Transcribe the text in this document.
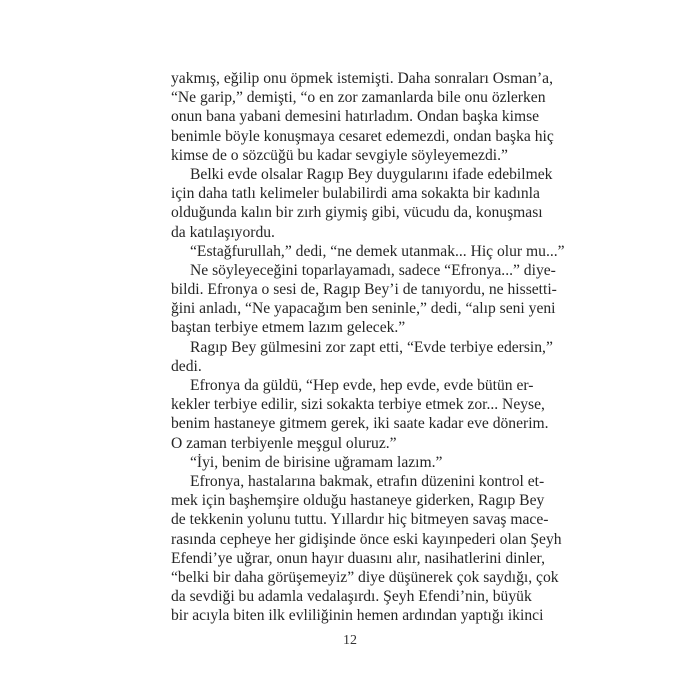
yakmış, eğilip onu öpmek istemişti. Daha sonraları Osman’a,
“Ne garip,” demişti, “o en zor zamanlarda bile onu özlerken
onun bana yabani demesini hatırladım. Ondan başka kimse
benimle böyle konuşmaya cesaret edemezdi, ondan başka hiç
kimse de o sözcüğü bu kadar sevgiyle söyleyemezdi.”
Belki evde olsalar Ragıp Bey duygularını ifade edebilmek
için daha tatlı kelimeler bulabilirdi ama sokakta bir kadınla
olduğunda kalın bir zırh giymiş gibi, vücudu da, konuşması
da katılaşıyordu.
“Estağfurullah,” dedi, “ne demek utanmak... Hiç olur mu...”
Ne söyleyeceğini toparlayamadı, sadece “Efronya...” diye-
bildi. Efronya o sesi de, Ragıp Bey’i de tanıyordu, ne hissetti-
ğini anladı, “Ne yapacağım ben seninle,” dedi, “alıp seni yeni
baştan terbiye etmem lazım gelecek.”
Ragıp Bey gülmesini zor zapt etti, “Evde terbiye edersin,”
dedi.
Efronya da güldü, “Hep evde, hep evde, evde bütün er-
kekler terbiye edilir, sizi sokakta terbiye etmek zor... Neyse,
benim hastaneye gitmem gerek, iki saate kadar eve dönerim.
O zaman terbiyenle meşgul oluruz.”
“İyi, benim de birisine uğramam lazım.”
Efronya, hastalarına bakmak, etrafın düzenini kontrol et-
mek için başhemşire olduğu hastaneye giderken, Ragıp Bey
de tekkenin yolunu tuttu. Yıllardır hiç bitmeyen savaş mace-
rasında cepheye her gidişinde önce eski kayınpederi olan Şeyh
Efendi’ye uğrar, onun hayır duasını alır, nasihatlerini dinler,
“belki bir daha görüşemeyiz” diye düşünerek çok saydığı, çok
da sevdiği bu adamla vedalaşırdı. Şeyh Efendi’nin, büyük
bir acıyla biten ilk evliliğinin hemen ardından yaptığı ikinci
12
